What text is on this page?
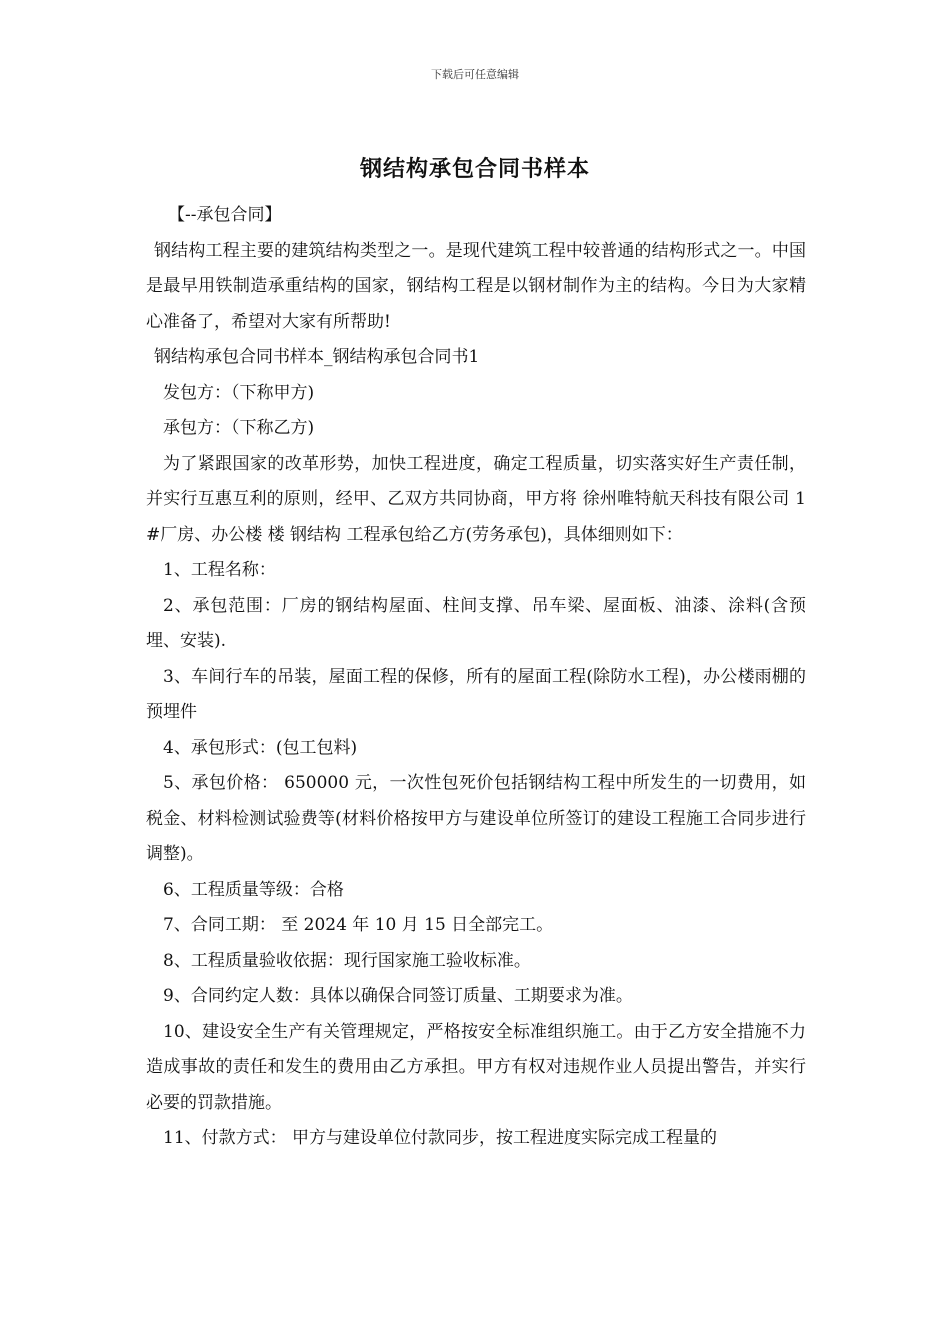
下载后可任意编辑
钢结构承包合同书样本

【--承包合同】

钢结构工程主要的建筑结构类型之一。是现代建筑工程中较普通的结构形式之一。中国是最早用铁制造承重结构的国家，钢结构工程是以钢材制作为主的结构。今日为大家精心准备了，希望对大家有所帮助!

钢结构承包合同书样本_钢结构承包合同书1

发包方：（下称甲方)

承包方：（下称乙方)

为了紧跟国家的改革形势，加快工程进度，确定工程质量，切实落实好生产责任制，并实行互惠互利的原则，经甲、乙双方共同协商，甲方将 徐州唯特航天科技有限公司 1#厂房、办公楼 楼 钢结构 工程承包给乙方(劳务承包)，具体细则如下：

1、工程名称：

2、承包范围：厂房的钢结构屋面、柱间支撑、吊车梁、屋面板、油漆、涂料(含预埋、安装).

3、车间行车的吊装，屋面工程的保修，所有的屋面工程(除防水工程)，办公楼雨棚的预埋件

4、承包形式：(包工包料)

5、承包价格： 650000 元，一次性包死价包括钢结构工程中所发生的一切费用，如税金、材料检测试验费等(材料价格按甲方与建设单位所签订的建设工程施工合同步进行调整)。

6、工程质量等级：合格

7、合同工期： 至 2024 年 10 月 15 日全部完工。

8、工程质量验收依据：现行国家施工验收标准。

9、合同约定人数：具体以确保合同签订质量、工期要求为准。

10、建设安全生产有关管理规定，严格按安全标准组织施工。由于乙方安全措施不力造成事故的责任和发生的费用由乙方承担。甲方有权对违规作业人员提出警告，并实行必要的罚款措施。

11、付款方式： 甲方与建设单位付款同步，按工程进度实际完成工程量的
